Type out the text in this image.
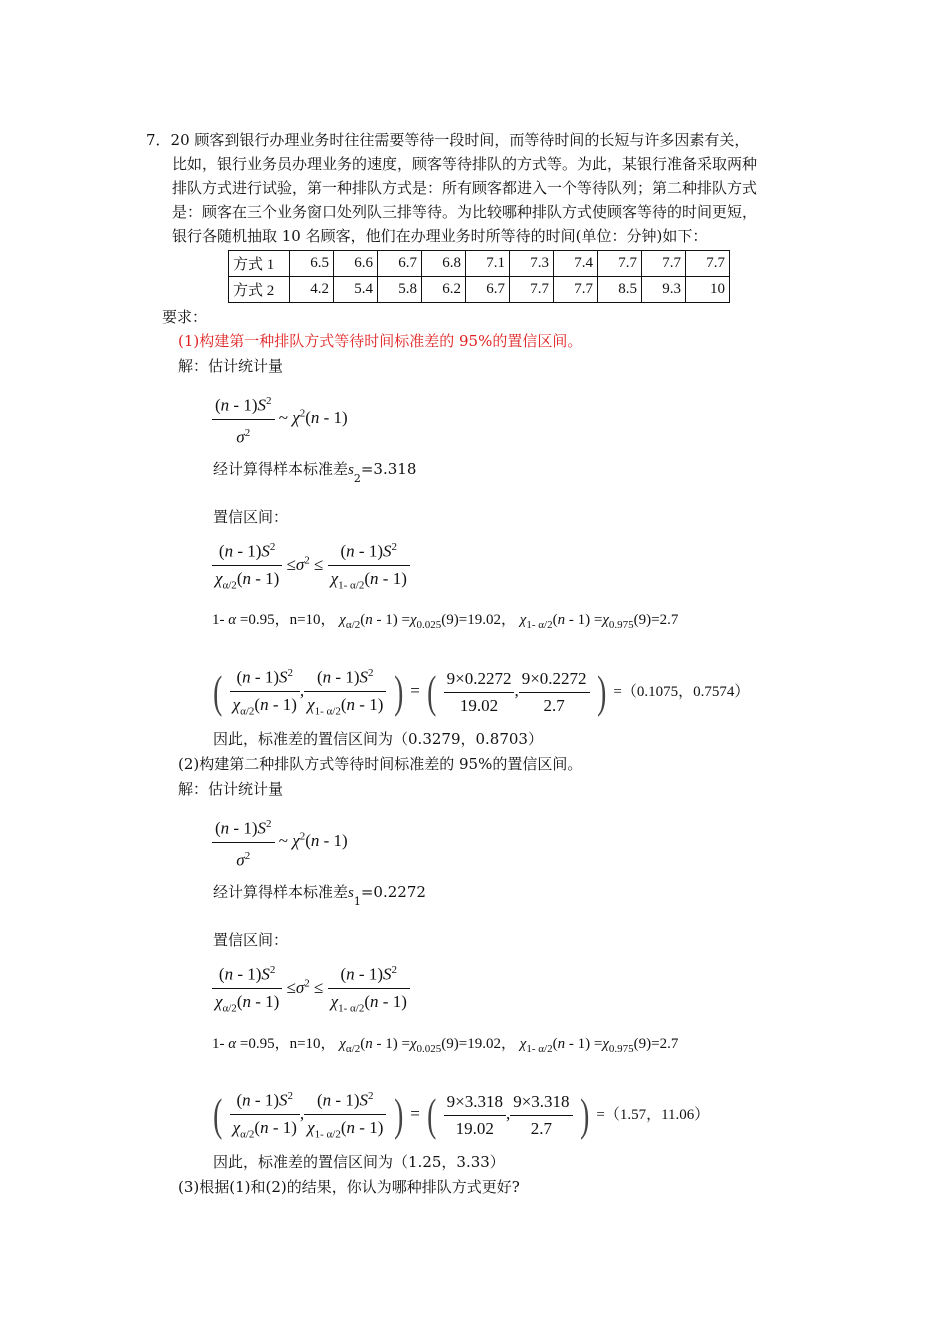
7．20 顾客到银行办理业务时往往需要等待一段时间，而等待时间的长短与许多因素有关，
比如，银行业务员办理业务的速度，顾客等待排队的方式等。为此，某银行准备采取两种
排队方式进行试验，第一种排队方式是：所有顾客都进入一个等待队列；第二种排队方式
是：顾客在三个业务窗口处列队三排等待。为比较哪种排队方式使顾客等待的时间更短，
银行各随机抽取 10 名顾客，他们在办理业务时所等待的时间(单位：分钟)如下：
方式 1	6.5	6.6	6.7	6.8	7.1	7.3	7.4	7.7	7.7	7.7
方式 2	4.2	5.4	5.8	6.2	6.7	7.7	7.7	8.5	9.3	10
要求：
(1)构建第一种排队方式等待时间标准差的 95%的置信区间。
解：估计统计量
$\frac{(n - 1)S^2}{\sigma^2}$ ~ $\chi^2(n - 1)$
经计算得样本标准差$s_2=3.318$
置信区间：
$\frac{(n - 1)S^2}{\chi_{\alpha/2}(n - 1)} \le\sigma^2 \le \frac{(n - 1)S^2}{\chi_{1- \alpha/2}(n - 1)}$
1- α =0.95，n=10， $\chi_{\alpha/2}(n - 1) =\chi_{0.025}(9)=19.02$， $\chi_{1- \alpha/2}(n - 1) =\chi_{0.975}(9)=2.7$
( $\frac{(n - 1)S^2}{\chi_{\alpha/2}(n - 1)}$ , $\frac{(n - 1)S^2}{\chi_{1- \alpha/2}(n - 1)}$ ) = ( $\frac{9\times 0.2272}{19.02}$ , $\frac{9\times 0.2272}{2.7}$ ) =（0.1075，0.7574）
因此，标准差的置信区间为（0.3279，0.8703）
(2)构建第二种排队方式等待时间标准差的 95%的置信区间。
解：估计统计量
$\frac{(n - 1)S^2}{\sigma^2}$ ~ $\chi^2(n - 1)$
经计算得样本标准差$s_1=0.2272$
置信区间：
$\frac{(n - 1)S^2}{\chi_{\alpha/2}(n - 1)} \le\sigma^2 \le \frac{(n - 1)S^2}{\chi_{1- \alpha/2}(n - 1)}$
1- α =0.95，n=10， $\chi_{\alpha/2}(n - 1) =\chi_{0.025}(9)=19.02$， $\chi_{1- \alpha/2}(n - 1) =\chi_{0.975}(9)=2.7$
( $\frac{(n - 1)S^2}{\chi_{\alpha/2}(n - 1)}$ , $\frac{(n - 1)S^2}{\chi_{1- \alpha/2}(n - 1)}$ ) = ( $\frac{9\times 3.318}{19.02}$ , $\frac{9\times 3.318}{2.7}$ ) =（1.57，11.06）
因此，标准差的置信区间为（1.25，3.33）
(3)根据(1)和(2)的结果，你认为哪种排队方式更好?
